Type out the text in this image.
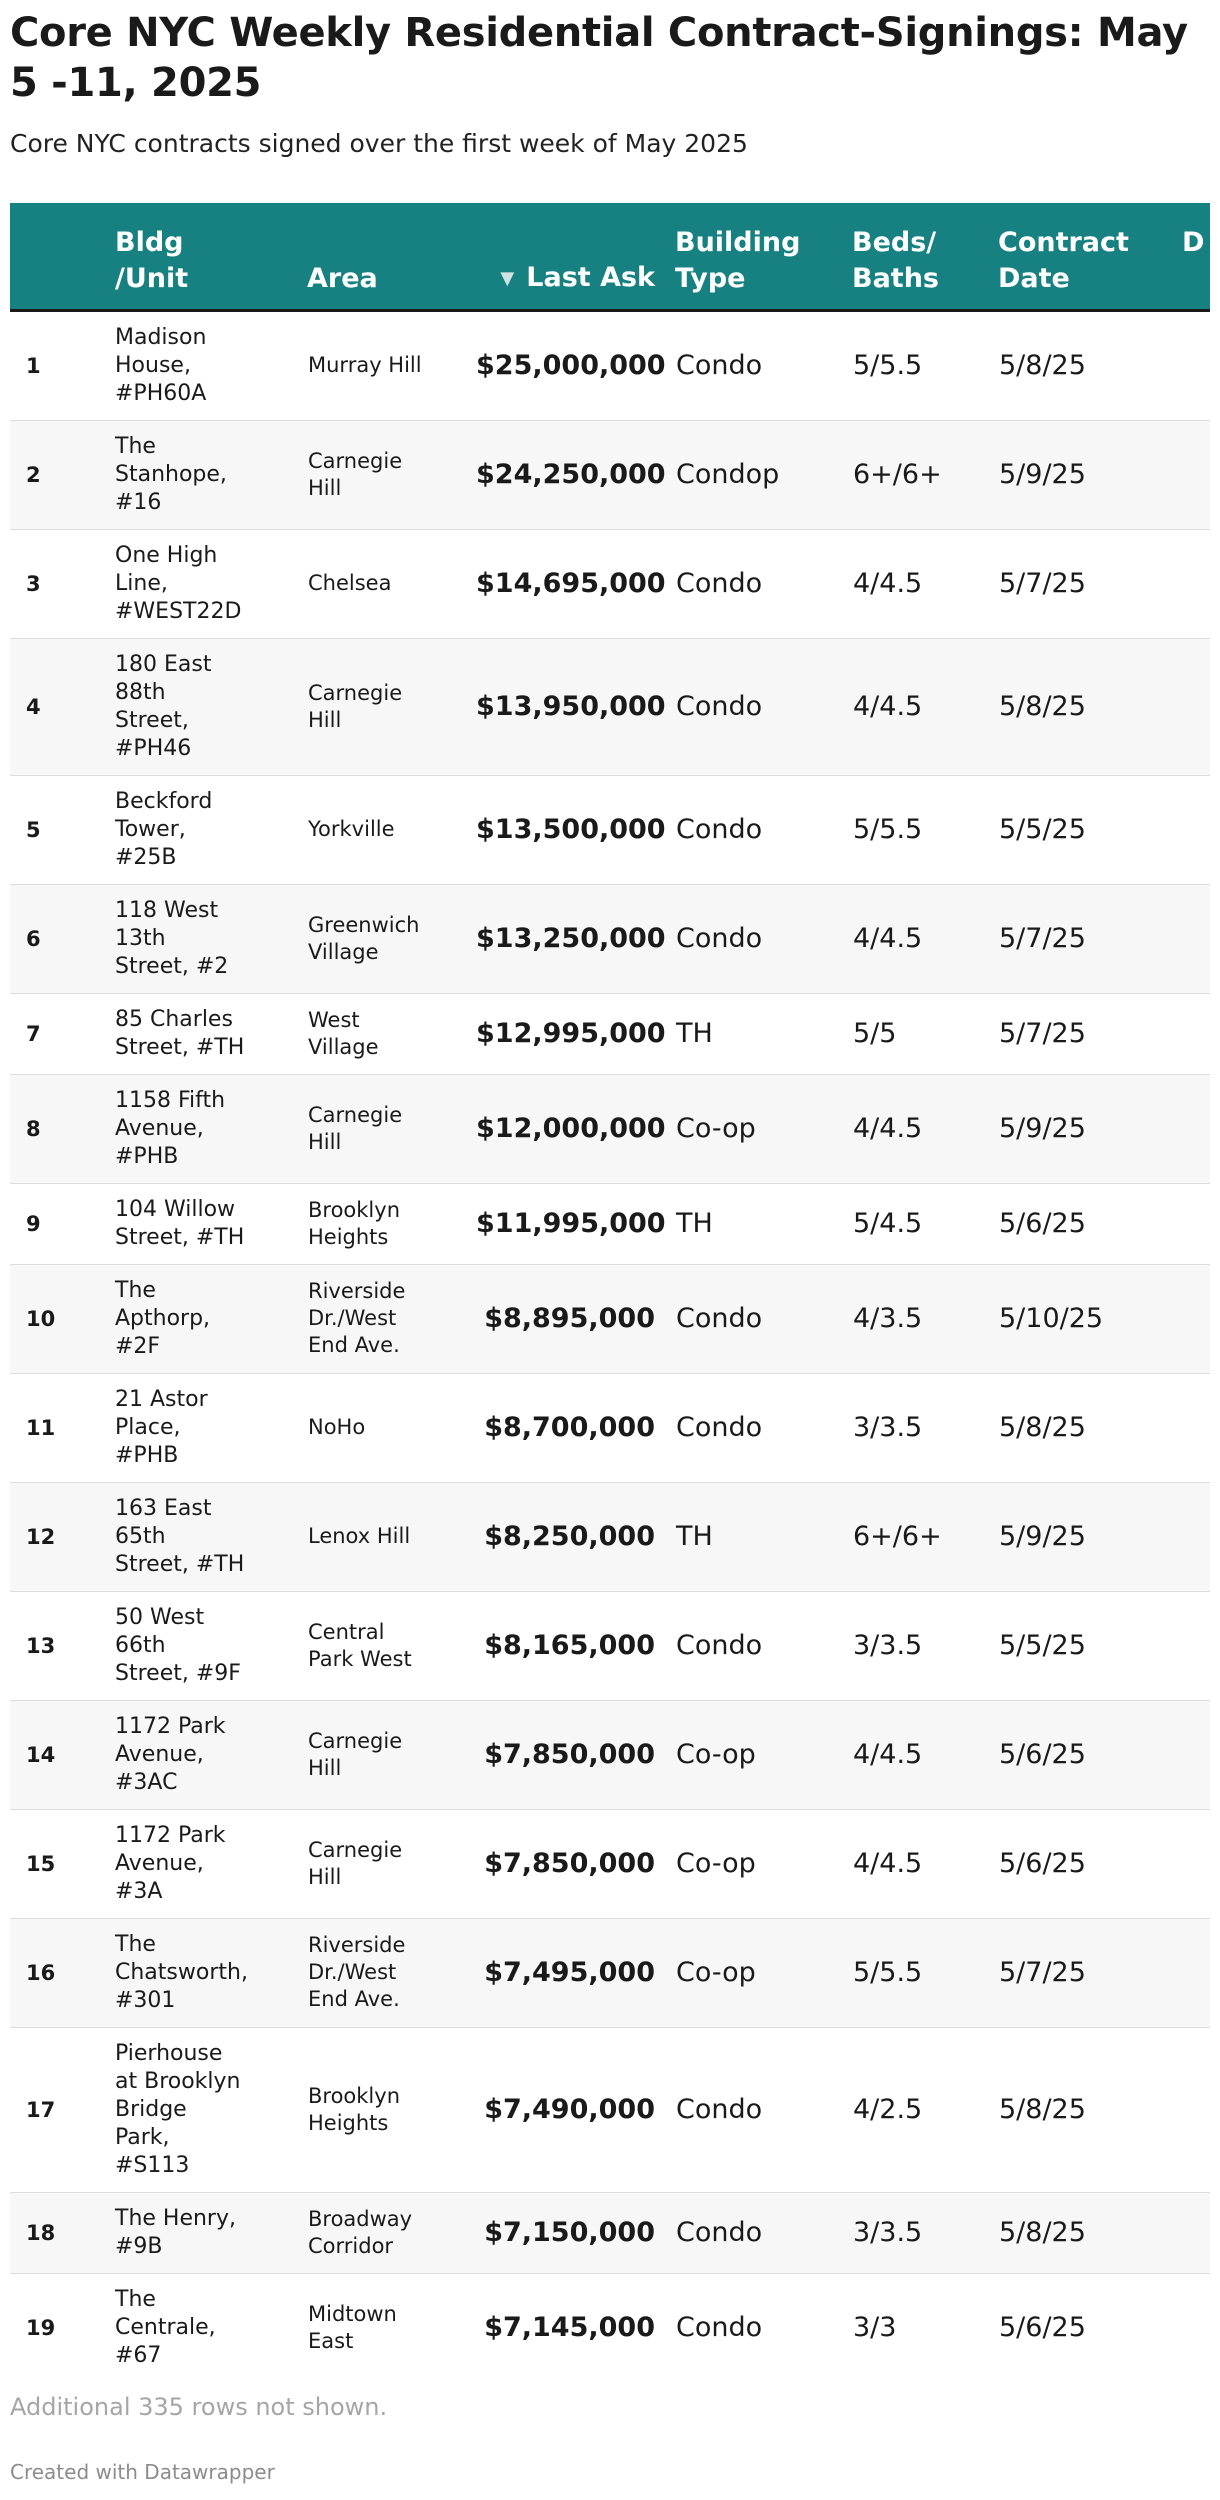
Core NYC Weekly Residential Contract-Signings: May 5 -11, 2025
Core NYC contracts signed over the first week of May 2025

	Bldg /Unit	Area	▼ Last Ask	Building Type	Beds/ Baths	Contract Date	D

1	Madison House, #PH60A	Murray Hill	$25,000,000	Condo	5/5.5	5/8/25	

2	The Stanhope, #16	Carnegie Hill	$24,250,000	Condop	6+/6+	5/9/25	

3	One High Line, #WEST22D	Chelsea	$14,695,000	Condo	4/4.5	5/7/25	

4	180 East 88th Street, #PH46	Carnegie Hill	$13,950,000	Condo	4/4.5	5/8/25	

5	Beckford Tower, #25B	Yorkville	$13,500,000	Condo	5/5.5	5/5/25	

6	118 West 13th Street, #2	Greenwich Village	$13,250,000	Condo	4/4.5	5/7/25	

7	85 Charles Street, #TH	West Village	$12,995,000	TH	5/5	5/7/25	

8	1158 Fifth Avenue, #PHB	Carnegie Hill	$12,000,000	Co-op	4/4.5	5/9/25	

9	104 Willow Street, #TH	Brooklyn Heights	$11,995,000	TH	5/4.5	5/6/25	

10	The Apthorp, #2F	Riverside Dr./West End Ave.	$8,895,000	Condo	4/3.5	5/10/25	

11	21 Astor Place, #PHB	NoHo	$8,700,000	Condo	3/3.5	5/8/25	

12	163 East 65th Street, #TH	Lenox Hill	$8,250,000	TH	6+/6+	5/9/25	

13	50 West 66th Street, #9F	Central Park West	$8,165,000	Condo	3/3.5	5/5/25	

14	1172 Park Avenue, #3AC	Carnegie Hill	$7,850,000	Co-op	4/4.5	5/6/25	

15	1172 Park Avenue, #3A	Carnegie Hill	$7,850,000	Co-op	4/4.5	5/6/25	

16	The Chatsworth, #301	Riverside Dr./West End Ave.	$7,495,000	Co-op	5/5.5	5/7/25	

17	Pierhouse at Brooklyn Bridge Park, #S113	Brooklyn Heights	$7,490,000	Condo	4/2.5	5/8/25	

18	The Henry, #9B	Broadway Corridor	$7,150,000	Condo	3/3.5	5/8/25	

19	The Centrale, #67	Midtown East	$7,145,000	Condo	3/3	5/6/25	

Additional 335 rows not shown.
Created with Datawrapper
